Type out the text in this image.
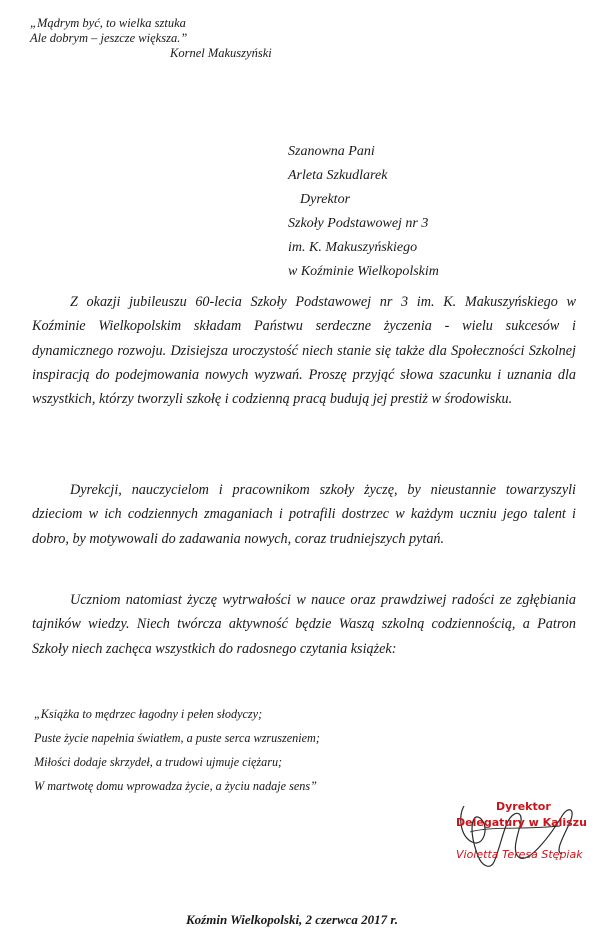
„Mądrym być, to wielka sztuka
Ale dobrym – jeszcze większa.”
Kornel Makuszyński
Szanowna Pani
Arleta Szkudlarek
Dyrektor
Szkoły Podstawowej nr 3
im. K. Makuszyńskiego
w Koźminie Wielkopolskim
Z okazji jubileuszu 60-lecia Szkoły Podstawowej nr 3 im. K. Makuszyńskiego w Koźminie Wielkopolskim składam Państwu serdeczne życzenia - wielu sukcesów i dynamicznego rozwoju. Dzisiejsza uroczystość niech stanie się także dla Społeczności Szkolnej inspiracją do podejmowania nowych wyzwań. Proszę przyjąć słowa szacunku i uznania dla wszystkich, którzy tworzyli szkołę i codzienną pracą budują jej prestiż w środowisku.
Dyrekcji, nauczycielom i pracownikom szkoły życzę, by nieustannie towarzyszyli dzieciom w ich codziennych zmaganiach i potrafili dostrzec w każdym uczniu jego talent i dobro, by motywowali do zadawania nowych, coraz trudniejszych pytań.
Uczniom natomiast życzę wytrwałości w nauce oraz prawdziwej radości ze zgłębiania tajników wiedzy. Niech twórcza aktywność będzie Waszą szkolną codziennością, a Patron Szkoły niech zachęca wszystkich do radosnego czytania książek:
„Książka to mędrzec łagodny i pełen słodyczy;
Puste życie napełnia światłem, a puste serca wzruszeniem;
Miłości dodaje skrzydeł, a trudowi ujmuje ciężaru;
W martwotę domu wprowadza życie, a życiu nadaje sens”
Dyrektor
Delegatury w Kaliszu
Violetta Teresa Stępiak
Koźmin Wielkopolski, 2 czerwca 2017 r.
